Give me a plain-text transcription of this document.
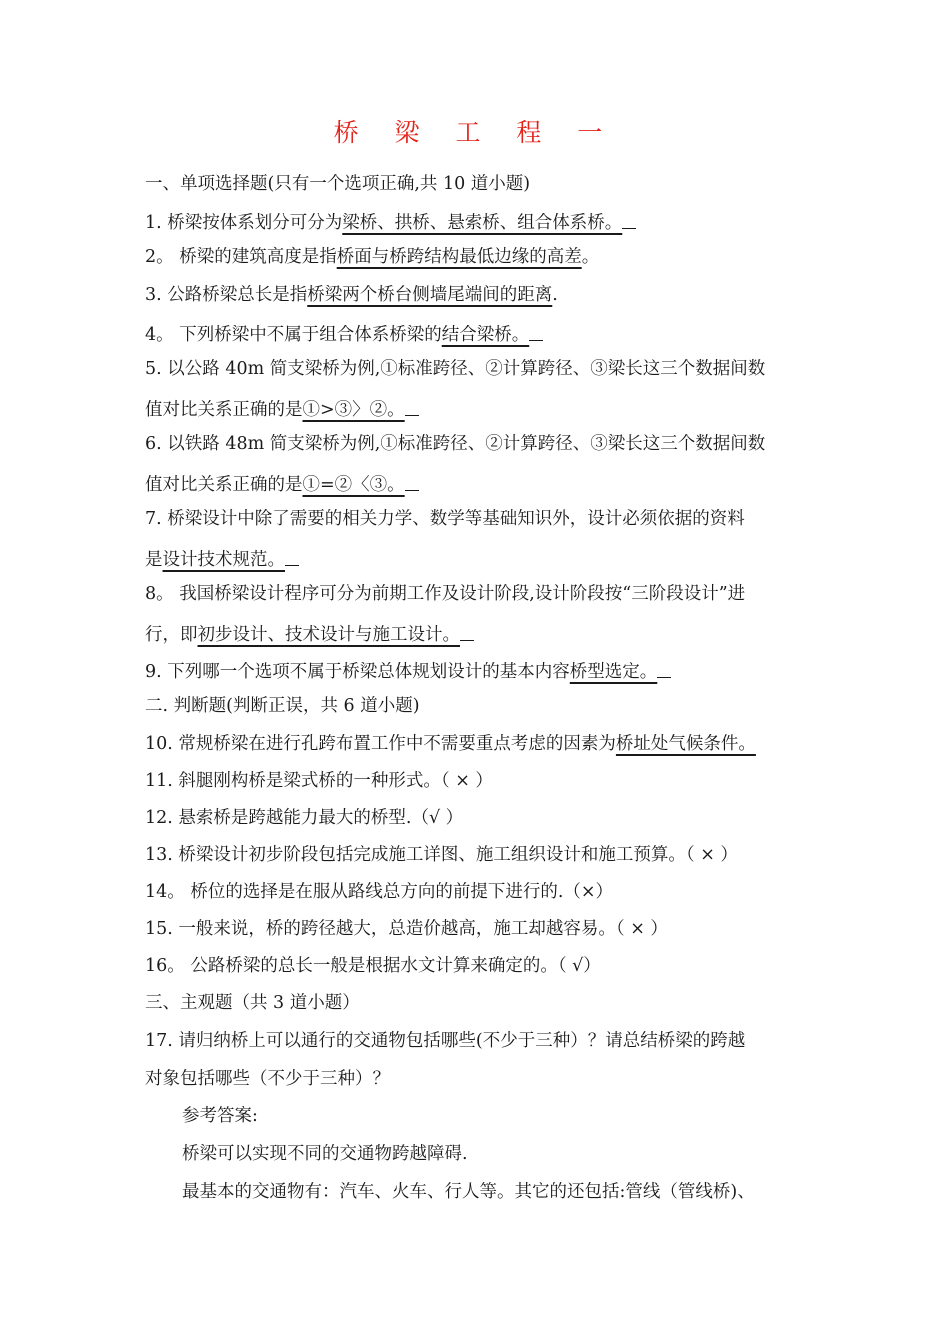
桥 梁 工 程 一
一、单项选择题(只有一个选项正确,共 10 道小题)
1. 桥梁按体系划分可分为梁桥、拱桥、悬索桥、组合体系桥。
2。 桥梁的建筑高度是指桥面与桥跨结构最低边缘的高差。
3. 公路桥梁总长是指桥梁两个桥台侧墙尾端间的距离.
4。 下列桥梁中不属于组合体系桥梁的结合梁桥。
5. 以公路 40m 简支梁桥为例,①标准跨径、②计算跨径、③梁长这三个数据间数
值对比关系正确的是①>③〉②。
6. 以铁路 48m 简支梁桥为例,①标准跨径、②计算跨径、③梁长这三个数据间数
值对比关系正确的是①=②〈③。
7. 桥梁设计中除了需要的相关力学、数学等基础知识外，设计必须依据的资料
是设计技术规范。
8。 我国桥梁设计程序可分为前期工作及设计阶段,设计阶段按“三阶段设计”进
行，即初步设计、技术设计与施工设计。
9. 下列哪一个选项不属于桥梁总体规划设计的基本内容桥型选定。
二. 判断题(判断正误，共 6 道小题)
10. 常规桥梁在进行孔跨布置工作中不需要重点考虑的因素为桥址处气候条件。
11. 斜腿刚构桥是梁式桥的一种形式。（ × ）
12. 悬索桥是跨越能力最大的桥型.（√ ）
13. 桥梁设计初步阶段包括完成施工详图、施工组织设计和施工预算。（ × ）
14。 桥位的选择是在服从路线总方向的前提下进行的.（×）
15. 一般来说，桥的跨径越大，总造价越高，施工却越容易。（ × ）
16。 公路桥梁的总长一般是根据水文计算来确定的。（ √）
三、主观题（共 3 道小题）
17. 请归纳桥上可以通行的交通物包括哪些(不少于三种）？请总结桥梁的跨越
对象包括哪些（不少于三种）？
参考答案:
桥梁可以实现不同的交通物跨越障碍.
最基本的交通物有：汽车、火车、行人等。其它的还包括:管线（管线桥)、
